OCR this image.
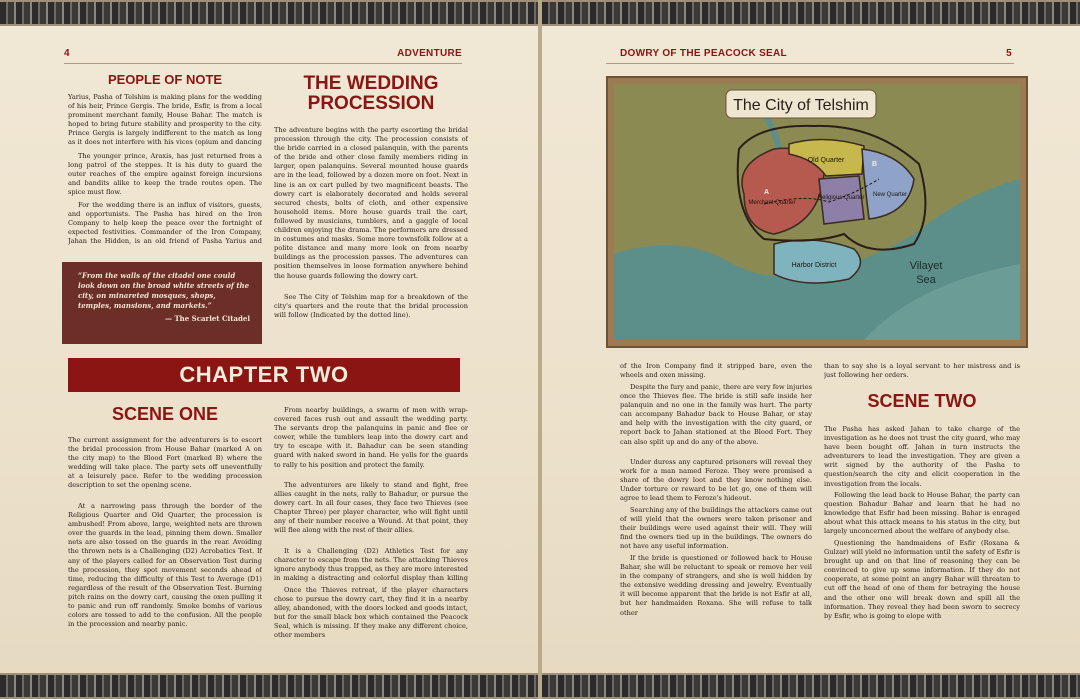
4	ADVENTURE
PEOPLE OF NOTE

Yarius, Pasha of Telshim is making plans for the wedding of his heir, Prince Gergis. The bride, Esfir, is from a local prominent merchant family, House Bahar. The match is hoped to bring future stability and prosperity to the city. Prince Gergis is largely indifferent to the match as long as it does not interfere with his vices (opium and dancing

The younger prince, Araxis, has just returned from a long patrol of the steppes. It is his duty to guard the outer reaches of the empire against foreign incursions and bandits alike to keep the trade routes open. The spice must flow.

For the wedding there is an influx of visitors, guests, and opportunists. The Pasha has hired on the Iron Company to help keep the peace over the fortnight of expected festivities. Commander of the Iron Company, Jahan the Hidden, is an old friend of Pasha Yarius and

“From the walls of the citadel one could look down on the broad white streets of the city, on minareted mosques, shops, temples, mansions, and markets.”
— The Scarlet Citadel
THE WEDDING
PROCESSION

The adventure begins with the party escorting the bridal procession through the city. The procession consists of the bride carried in a closed palanquin, with the parents of the bride and other close family members riding in larger, open palanquins. Several mounted house guards are in the lead, followed by a dozen more on foot. Next in line is an ox cart pulled by two magnificent beasts. The dowry cart is elaborately decorated and holds several secured chests, bolts of cloth, and other expensive household items. More house guards trail the cart, followed by musicians, tumblers, and a gaggle of local children enjoying the drama. The performers are dressed in costumes and masks. Some more townsfolk follow at a polite distance and many more look on from nearby buildings as the procession passes. The adventures can position themselves in loose formation anywhere behind the house guards following the dowry cart.

See The City of Telshim map for a breakdown of the city's quarters and the route that the bridal procession will follow (Indicated by the dotted line).

CHAPTER TWO
SCENE ONE

The current assignment for the adventurers is to escort the bridal procession from House Bahar (marked A on the city map) to the Blood Fort (marked B) where the wedding will take place. The party sets off uneventfully at a leisurely pace. Refer to the wedding procession description to set the opening scene.

At a narrowing pass through the border of the Religious Quarter and Old Quarter, the procession is ambushed! From above, large, weighted nets are thrown over the guards in the lead, pinning them down. Smaller nets are also tossed on the guards in the rear. Avoiding the thrown nets is a Challenging (D2) Acrobatics Test. If any of the players called for an Observation Test during the procession, they spot movement seconds ahead of time, reducing the difficulty of this Test to Average (D1) regardless of the result of the Observation Test. Burning pitch rains on the dowry cart, causing the oxen pulling it to panic and run off randomly. Smoke bombs of various colors are tossed to add to the confusion. All the people in the procession and nearby panic.

From nearby buildings, a swarm of men with wrap-covered faces rush out and assault the wedding party. The servants drop the palanquins in panic and flee or cower, while the tumblers leap into the dowry cart and try to escape with it. Bahadur can be seen standing guard with naked sword in hand. He yells for the guards to rally to his position and protect the family.

The adventurers are likely to stand and fight, free allies caught in the nets, rally to Bahadur, or pursue the dowry cart. In all four cases, they face two Thieves (see Chapter Three) per player character, who will fight until any of their number receive a Wound. At that point, they will flee along with the rest of their allies.

It is a Challenging (D2) Athletics Test for any character to escape from the nets. The attacking Thieves ignore anybody thus trapped, as they are more interested in making a distracting and colorful display than killing

Once the Thieves retreat, if the player characters chose to pursue the dowry cart, they find it in a nearby alley, abandoned, with the doors locked and goods intact, but for the small black box which contained the Peacock Seal, which is missing. If they make any different choice, other members

DOWRY OF THE PEACOCK SEAL	5
The City of Telshim
Old Quarter
Religious Quarter
Merchant Quarter
New Quarter
Harbor District	Vilayet
Sea
A
B

of the Iron Company find it stripped bare, even the wheels and oxen missing.

Despite the fury and panic, there are very few injuries once the Thieves flee. The bride is still safe inside her palanquin and no one in the family was hurt. The party can accompany Bahadur back to House Bahar, or stay and help with the investigation with the city guard, or report back to Jahan stationed at the Blood Fort. They can also split up and do any of the above.

Under duress any captured prisoners will reveal they work for a man named Feroze. They were promised a share of the dowry loot and they know nothing else. Under torture or reward to be let go, one of them will agree to lead them to Feroze's hideout.

Searching any of the buildings the attackers came out of will yield that the owners were taken prisoner and their buildings were used against their will. They will find the owners tied up in the buildings. The owners do not have any useful information.

If the bride is questioned or followed back to House Bahar, she will be reluctant to speak or remove her veil in the company of strangers, and she is well hidden by the extensive wedding dressing and jewelry. Eventually it will become apparent that the bride is not Esfir at all, but her handmaiden Roxana. She will refuse to talk other

than to say she is a loyal servant to her mistress and is just following her orders.

SCENE TWO

The Pasha has asked Jahan to take charge of the investigation as he does not trust the city guard, who may have been bought off. Jahan in turn instructs the adventurers to lead the investigation. They are given a writ signed by the authority of the Pasha to question/search the city and elicit cooperation in the investigation from the locals.

Following the lead back to House Bahar, the party can question Bahadur Bahar and learn that he had no knowledge that Esfir had been missing. Bahar is enraged about what this attack means to his status in the city, but largely unconcerned about the welfare of anybody else.

Questioning the handmaidens of Esfir (Roxana & Gulzar) will yield no information until the safety of Esfir is brought up and on that line of reasoning they can be convinced to give up some information. If they do not cooperate, at some point an angry Bahar will threaten to cut off the head of one of them for betraying the house and the other one will break down and spill all the information. They reveal they had been sworn to secrecy by Esfir, who is going to elope with
